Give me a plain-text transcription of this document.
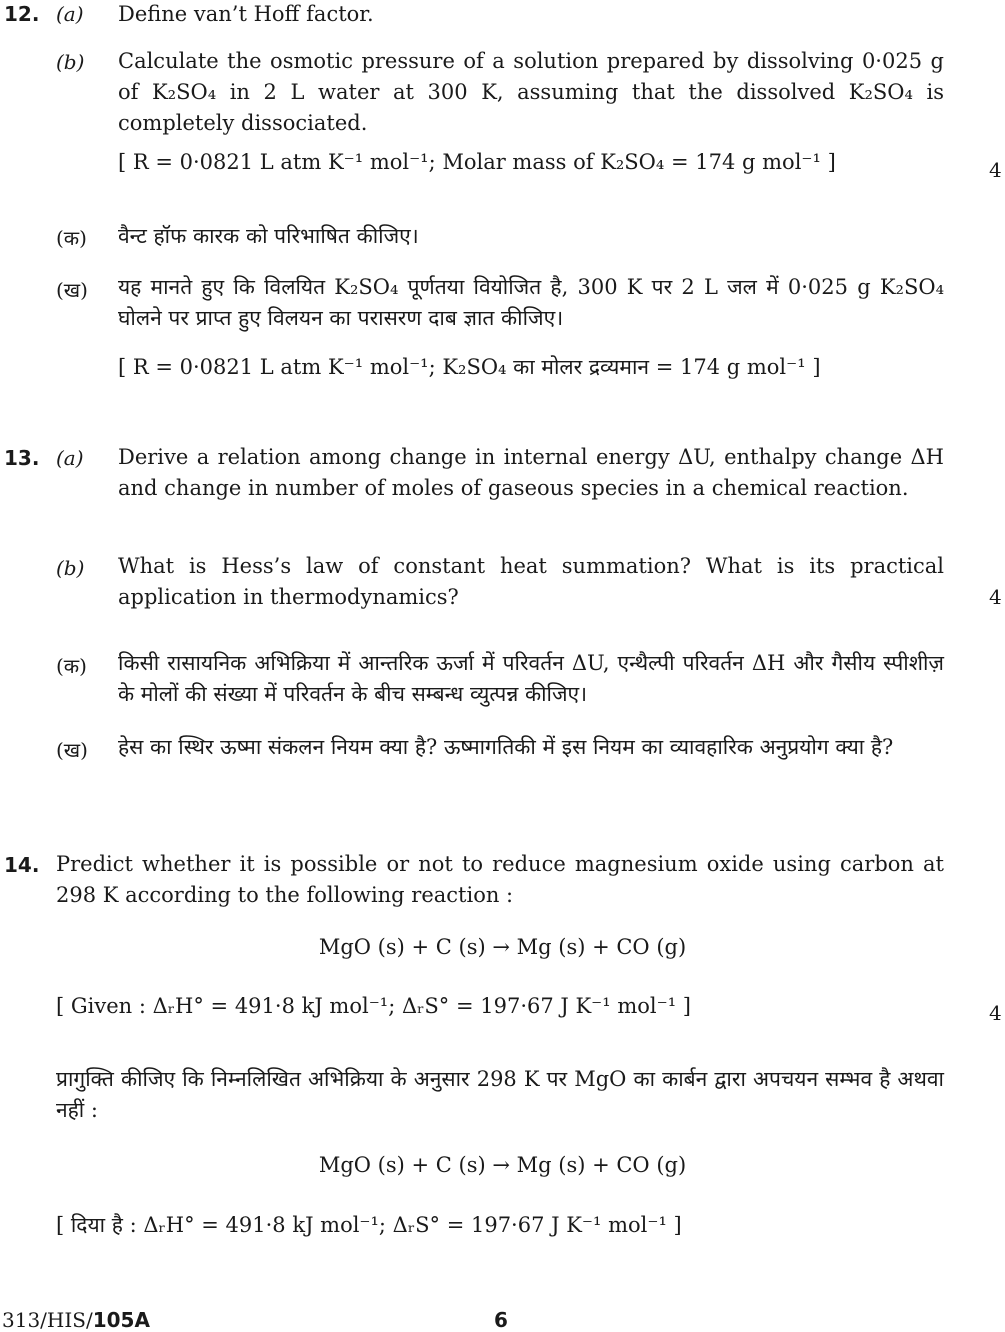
12. (a) Define van’t Hoff factor.
(b) Calculate the osmotic pressure of a solution prepared by dissolving 0·025 g of K₂SO₄ in 2 L water at 300 K, assuming that the dissolved K₂SO₄ is completely dissociated.
[ R = 0·0821 L atm K⁻¹ mol⁻¹; Molar mass of K₂SO₄ = 174 g mol⁻¹ ]	4
(क) वैन्ट हॉफ कारक को परिभाषित कीजिए।
(ख) यह मानते हुए कि विलयित K₂SO₄ पूर्णतया वियोजित है, 300 K पर 2 L जल में 0·025 g K₂SO₄ घोलने पर प्राप्त हुए विलयन का परासरण दाब ज्ञात कीजिए।
[ R = 0·0821 L atm K⁻¹ mol⁻¹; K₂SO₄ का मोलर द्रव्यमान = 174 g mol⁻¹ ]
13. (a) Derive a relation among change in internal energy ΔU, enthalpy change ΔH and change in number of moles of gaseous species in a chemical reaction.
(b) What is Hess’s law of constant heat summation? What is its practical application in thermodynamics?	4
(क) किसी रासायनिक अभिक्रिया में आन्तरिक ऊर्जा में परिवर्तन ΔU, एन्थैल्पी परिवर्तन ΔH और गैसीय स्पीशीज़ के मोलों की संख्या में परिवर्तन के बीच सम्बन्ध व्युत्पन्न कीजिए।
(ख) हेस का स्थिर ऊष्मा संकलन नियम क्या है? ऊष्मागतिकी में इस नियम का व्यावहारिक अनुप्रयोग क्या है?
14. Predict whether it is possible or not to reduce magnesium oxide using carbon at 298 K according to the following reaction :
MgO (s) + C (s) → Mg (s) + CO (g)
[ Given : ΔᵣH° = 491·8 kJ mol⁻¹; ΔᵣS° = 197·67 J K⁻¹ mol⁻¹ ]	4
प्रागुक्ति कीजिए कि निम्नलिखित अभिक्रिया के अनुसार 298 K पर MgO का कार्बन द्वारा अपचयन सम्भव है अथवा नहीं :
MgO (s) + C (s) → Mg (s) + CO (g)
[ दिया है : ΔᵣH° = 491·8 kJ mol⁻¹; ΔᵣS° = 197·67 J K⁻¹ mol⁻¹ ]
313/HIS/105A	6
